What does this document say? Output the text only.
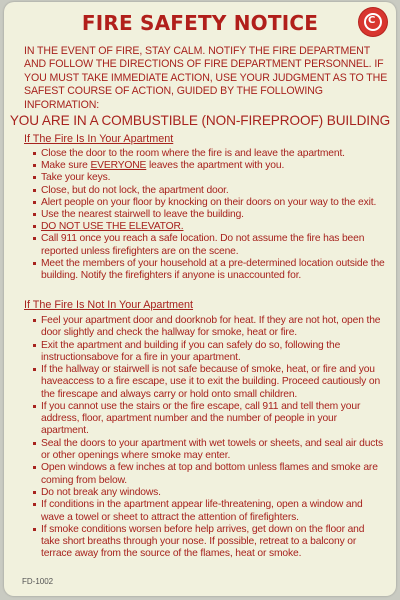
FIRE SAFETY NOTICE
C
IN THE EVENT OF FIRE, STAY CALM. NOTIFY THE FIRE DEPARTMENT AND FOLLOW THE DIRECTIONS OF FIRE DEPARTMENT PERSONNEL. IF YOU MUST TAKE IMMEDIATE ACTION, USE YOUR JUDGMENT AS TO THE SAFEST COURSE OF ACTION, GUIDED BY THE FOLLOWING INFORMATION:
YOU ARE IN A COMBUSTIBLE (NON-FIREPROOF) BUILDING
If The Fire Is In Your Apartment
Close the door to the room where the fire is and leave the apartment.
Make sure EVERYONE leaves the apartment with you.
Take your keys.
Close, but do not lock, the apartment door.
Alert people on your floor by knocking on their doors on your way to the exit.
Use the nearest stairwell to leave the building.
DO NOT USE THE ELEVATOR.
Call 911 once you reach a safe location. Do not assume the fire has been reported unless firefighters are on the scene.
Meet the members of your household at a pre-determined location outside the building. Notify the firefighters if anyone is unaccounted for.
If The Fire Is Not In Your Apartment
Feel your apartment door and doorknob for heat. If they are not hot, open the door slightly and check the hallway for smoke, heat or fire.
Exit the apartment and building if you can safely do so, following the instructionsabove for a fire in your apartment.
If the hallway or stairwell is not safe because of smoke, heat, or fire and you haveaccess to a fire escape, use it to exit the building. Proceed cautiously on the firescape and always carry or hold onto small children.
If you cannot use the stairs or the fire escape, call 911 and tell them your address, floor, apartment number and the number of people in your apartment.
Seal the doors to your apartment with wet towels or sheets, and seal air ducts or other openings where smoke may enter.
Open windows a few inches at top and bottom unless flames and smoke are coming from below.
Do not break any windows.
If conditions in the apartment appear life-threatening, open a window and wave a towel or sheet to attract the attention of firefighters.
If smoke conditions worsen before help arrives, get down on the floor and take short breaths through your nose. If possible, retreat to a balcony or terrace away from the source of the flames, heat or smoke.
FD-1002
